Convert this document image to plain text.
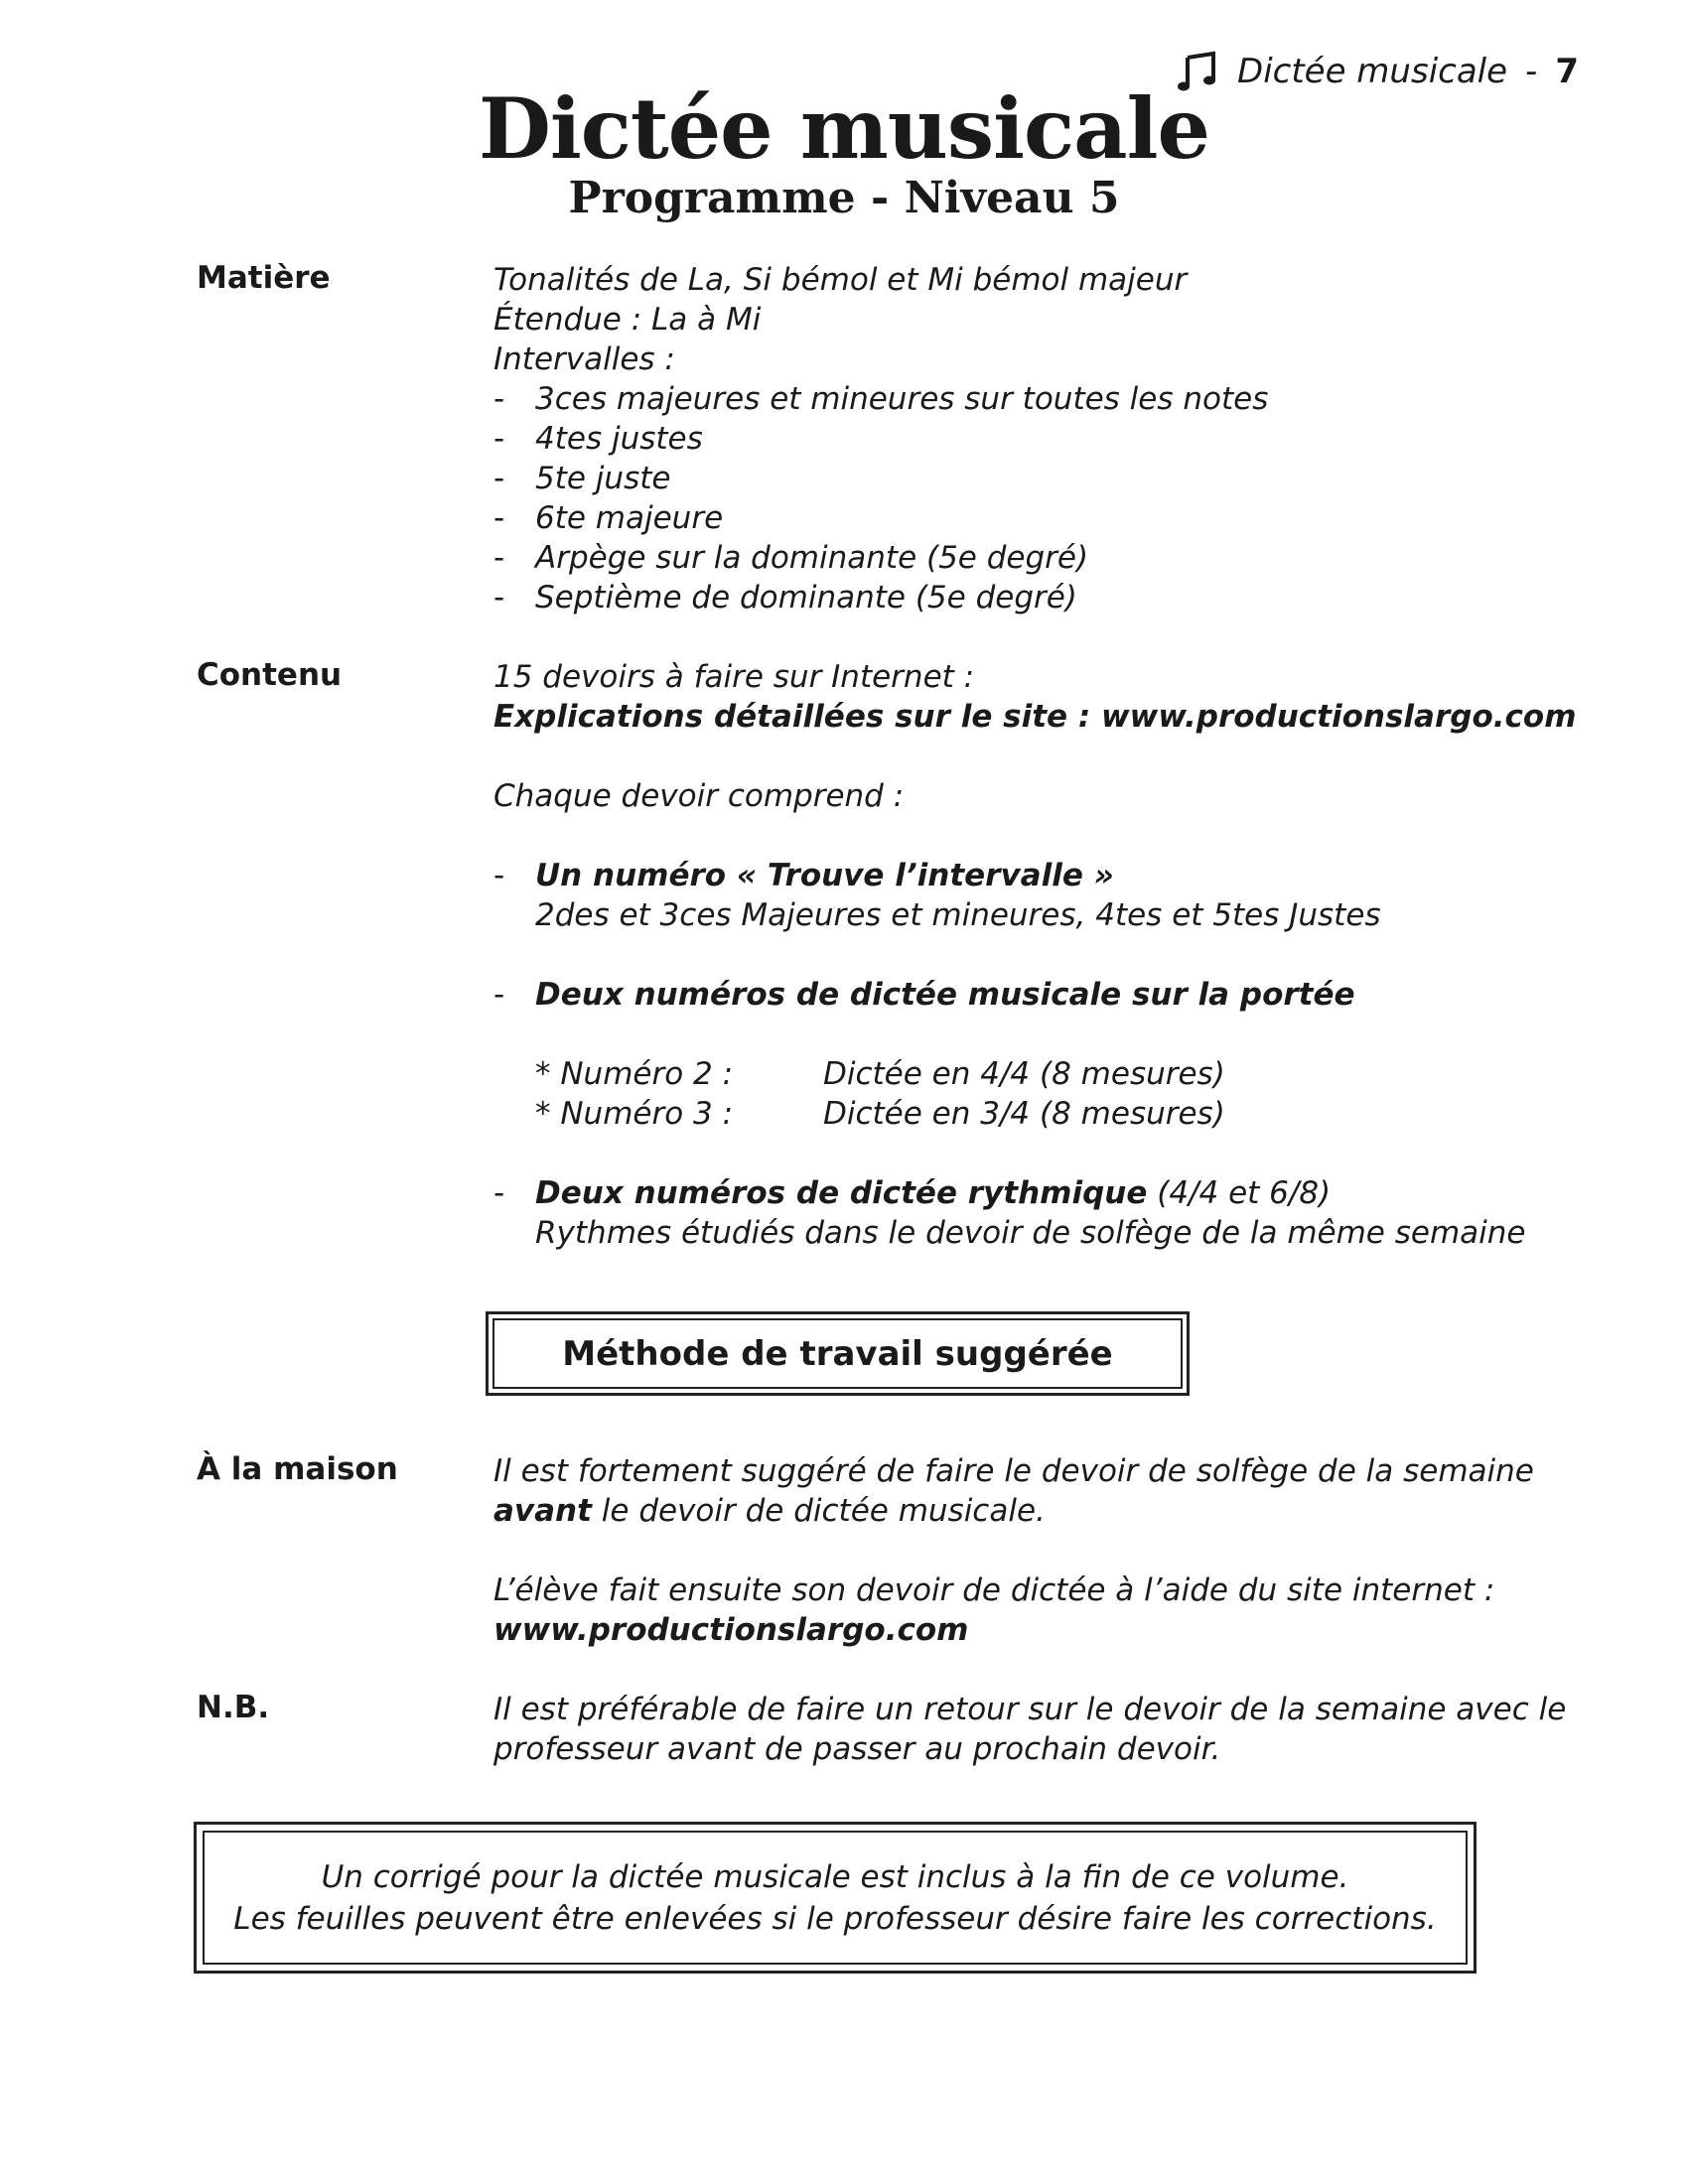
Dictée musicale - 7
Dictée musicale
Programme - Niveau 5
Matière	Tonalités de La, Si bémol et Mi bémol majeur
Étendue : La à Mi
Intervalles :
- 3ces majeures et mineures sur toutes les notes
- 4tes justes
- 5te juste
- 6te majeure
- Arpège sur la dominante (5e degré)
- Septième de dominante (5e degré)
Contenu	15 devoirs à faire sur Internet :
Explications détaillées sur le site : www.productionslargo.com
Chaque devoir comprend :
- Un numéro « Trouve l’intervalle »
2des et 3ces Majeures et mineures, 4tes et 5tes Justes
- Deux numéros de dictée musicale sur la portée
* Numéro 2 :	Dictée en 4/4 (8 mesures)
* Numéro 3 :	Dictée en 3/4 (8 mesures)
- Deux numéros de dictée rythmique (4/4 et 6/8)
Rythmes étudiés dans le devoir de solfège de la même semaine
Méthode de travail suggérée
À la maison	Il est fortement suggéré de faire le devoir de solfège de la semaine
avant le devoir de dictée musicale.
L’élève fait ensuite son devoir de dictée à l’aide du site internet :
www.productionslargo.com
N.B.	Il est préférable de faire un retour sur le devoir de la semaine avec le
professeur avant de passer au prochain devoir.
Un corrigé pour la dictée musicale est inclus à la fin de ce volume.
Les feuilles peuvent être enlevées si le professeur désire faire les corrections.
